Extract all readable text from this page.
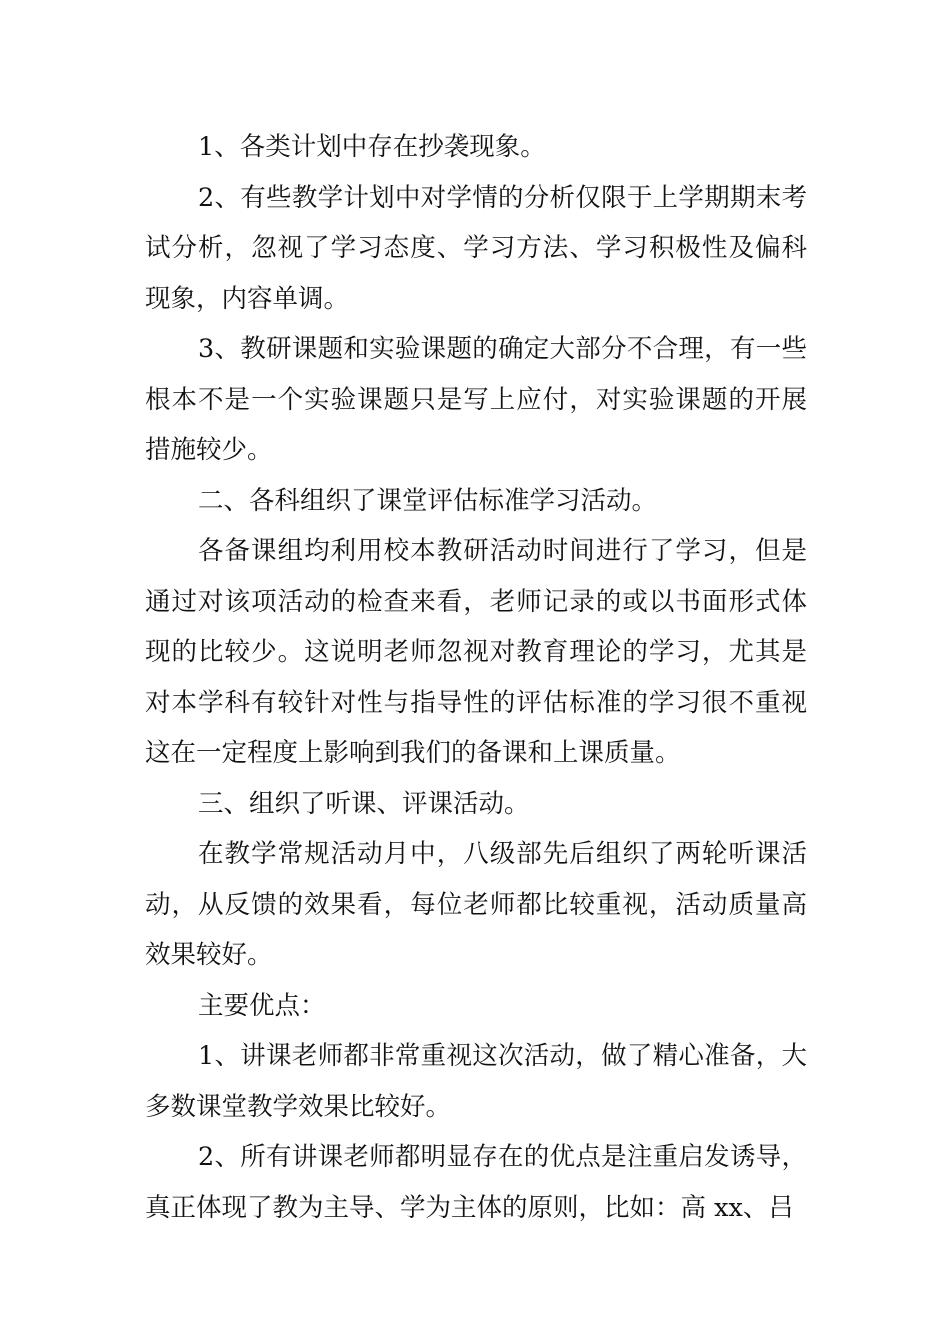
1、各类计划中存在抄袭现象。

2、有些教学计划中对学情的分析仅限于上学期期末考试分析，忽视了学习态度、学习方法、学习积极性及偏科现象，内容单调。

3、教研课题和实验课题的确定大部分不合理，有一些根本不是一个实验课题只是写上应付，对实验课题的开展措施较少。

二、各科组织了课堂评估标准学习活动。

各备课组均利用校本教研活动时间进行了学习，但是通过对该项活动的检查来看，老师记录的或以书面形式体现的比较少。这说明老师忽视对教育理论的学习，尤其是对本学科有较针对性与指导性的评估标准的学习很不重视这在一定程度上影响到我们的备课和上课质量。

三、组织了听课、评课活动。

在教学常规活动月中，八级部先后组织了两轮听课活动，从反馈的效果看，每位老师都比较重视，活动质量高效果较好。

主要优点：

1、讲课老师都非常重视这次活动，做了精心准备，大多数课堂教学效果比较好。

2、所有讲课老师都明显存在的优点是注重启发诱导，真正体现了教为主导、学为主体的原则，比如：高 xx、吕
